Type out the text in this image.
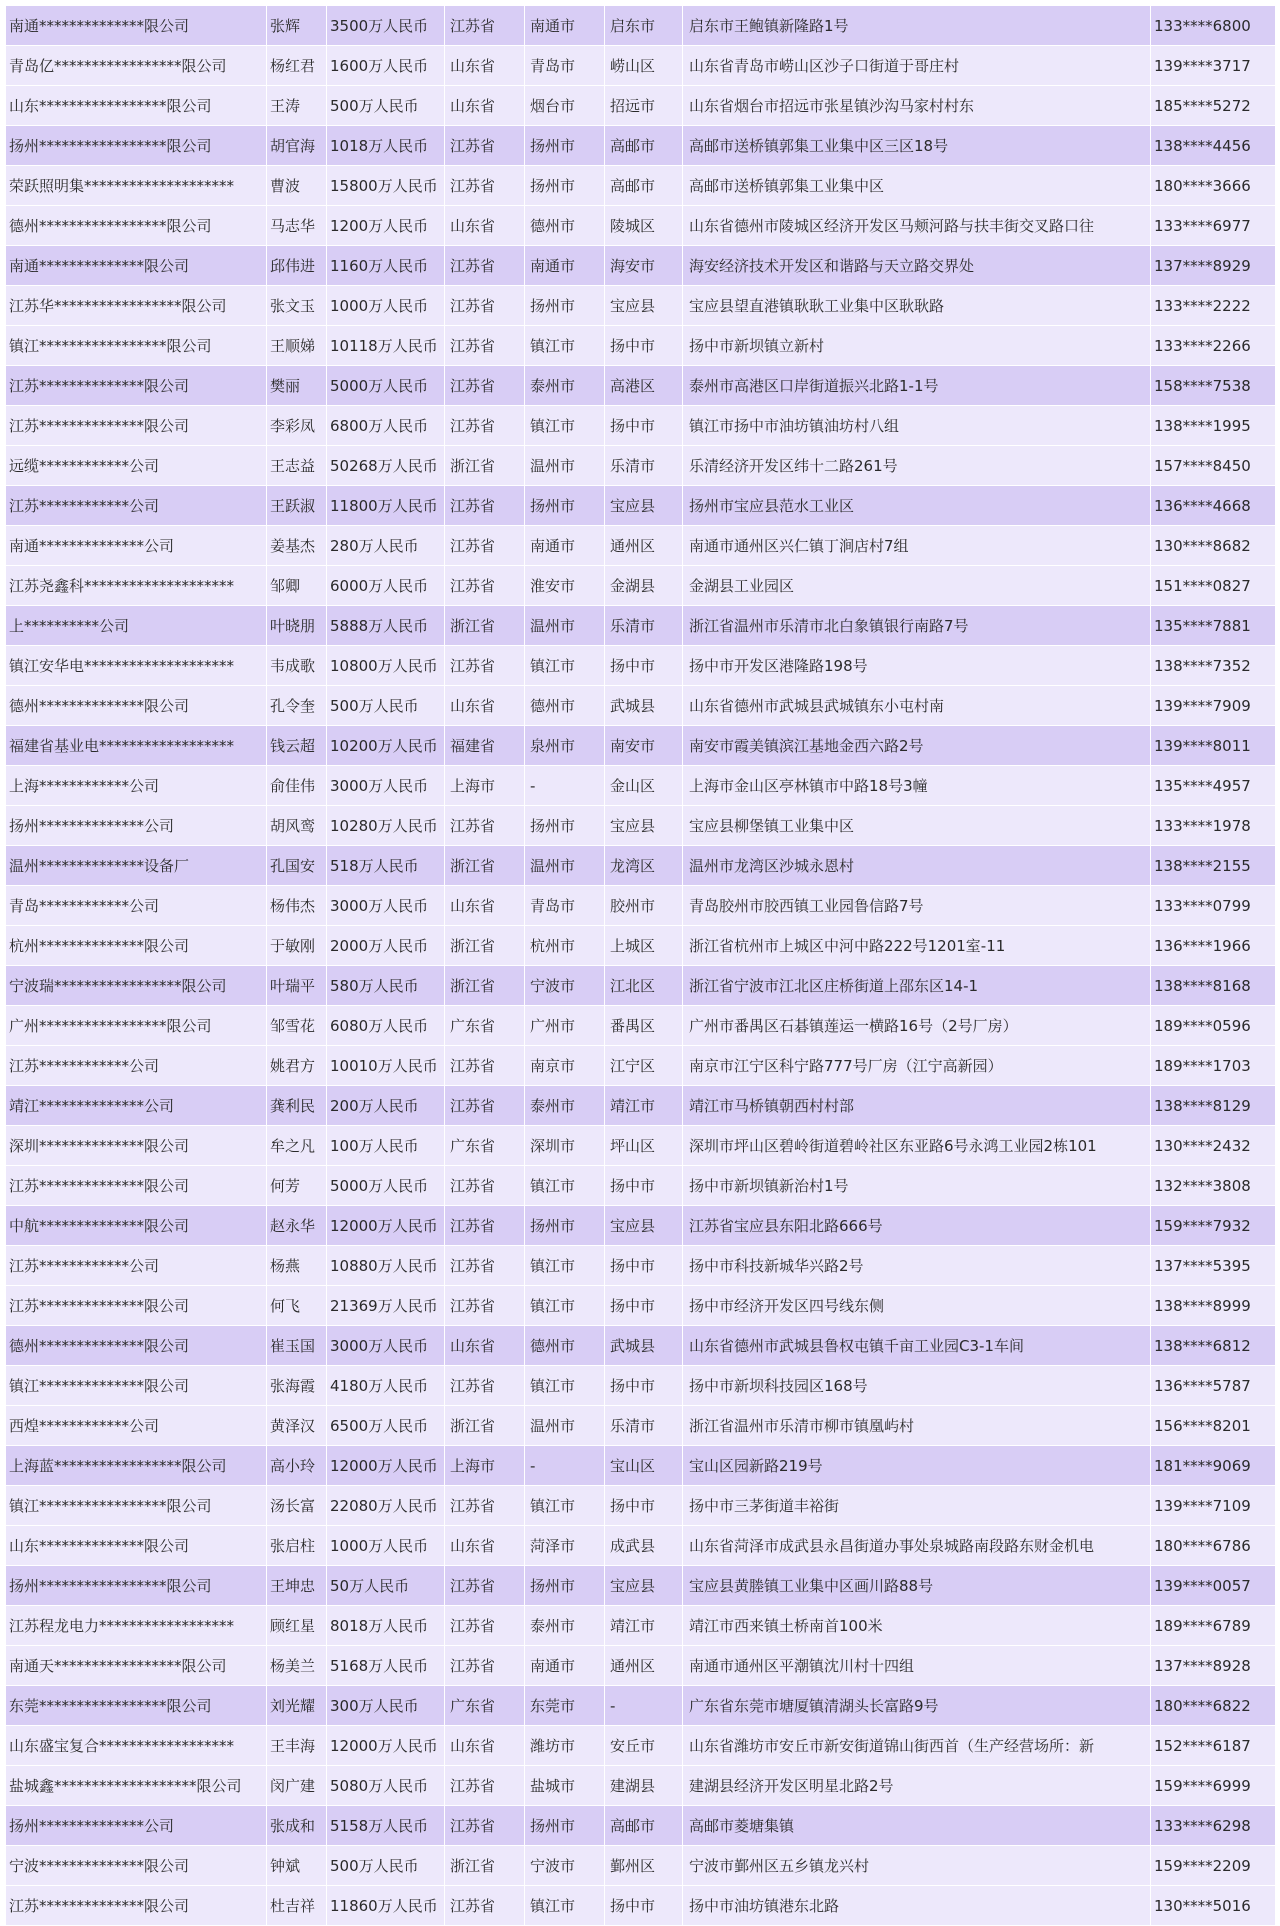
南通**************限公司	张辉	3500万人民币	江苏省	南通市	启东市	启东市王鲍镇新隆路1号	133****6800
青岛亿*****************限公司	杨红君	1600万人民币	山东省	青岛市	崂山区	山东省青岛市崂山区沙子口街道于哥庄村	139****3717
山东*****************限公司	王涛	500万人民币	山东省	烟台市	招远市	山东省烟台市招远市张星镇沙沟马家村村东	185****5272
扬州*****************限公司	胡官海	1018万人民币	江苏省	扬州市	高邮市	高邮市送桥镇郭集工业集中区三区18号	138****4456
荣跃照明集********************	曹波	15800万人民币	江苏省	扬州市	高邮市	高邮市送桥镇郭集工业集中区	180****3666
德州*****************限公司	马志华	1200万人民币	山东省	德州市	陵城区	山东省德州市陵城区经济开发区马颊河路与扶丰街交叉路口往	133****6977
南通**************限公司	邱伟进	1160万人民币	江苏省	南通市	海安市	海安经济技术开发区和谐路与天立路交界处	137****8929
江苏华*****************限公司	张文玉	1000万人民币	江苏省	扬州市	宝应县	宝应县望直港镇耿耿工业集中区耿耿路	133****2222
镇江*****************限公司	王顺娣	10118万人民币	江苏省	镇江市	扬中市	扬中市新坝镇立新村	133****2266
江苏**************限公司	樊丽	5000万人民币	江苏省	泰州市	高港区	泰州市高港区口岸街道振兴北路1-1号	158****7538
江苏**************限公司	李彩凤	6800万人民币	江苏省	镇江市	扬中市	镇江市扬中市油坊镇油坊村八组	138****1995
远缆************公司	王志益	50268万人民币	浙江省	温州市	乐清市	乐清经济开发区纬十二路261号	157****8450
江苏************公司	王跃淑	11800万人民币	江苏省	扬州市	宝应县	扬州市宝应县范水工业区	136****4668
南通**************公司	姜基杰	280万人民币	江苏省	南通市	通州区	南通市通州区兴仁镇丁涧店村7组	130****8682
江苏尧鑫科********************	邹卿	6000万人民币	江苏省	淮安市	金湖县	金湖县工业园区	151****0827
上**********公司	叶晓朋	5888万人民币	浙江省	温州市	乐清市	浙江省温州市乐清市北白象镇银行南路7号	135****7881
镇江安华电********************	韦成歌	10800万人民币	江苏省	镇江市	扬中市	扬中市开发区港隆路198号	138****7352
德州**************限公司	孔令奎	500万人民币	山东省	德州市	武城县	山东省德州市武城县武城镇东小屯村南	139****7909
福建省基业电******************	钱云超	10200万人民币	福建省	泉州市	南安市	南安市霞美镇滨江基地金西六路2号	139****8011
上海************公司	俞佳伟	3000万人民币	上海市	-	金山区	上海市金山区亭林镇市中路18号3幢	135****4957
扬州**************公司	胡风鸾	10280万人民币	江苏省	扬州市	宝应县	宝应县柳堡镇工业集中区	133****1978
温州**************设备厂	孔国安	518万人民币	浙江省	温州市	龙湾区	温州市龙湾区沙城永恩村	138****2155
青岛************公司	杨伟杰	3000万人民币	山东省	青岛市	胶州市	青岛胶州市胶西镇工业园鲁信路7号	133****0799
杭州**************限公司	于敏刚	2000万人民币	浙江省	杭州市	上城区	浙江省杭州市上城区中河中路222号1201室-11	136****1966
宁波瑞*****************限公司	叶瑞平	580万人民币	浙江省	宁波市	江北区	浙江省宁波市江北区庄桥街道上邵东区14-1	138****8168
广州*****************限公司	邹雪花	6080万人民币	广东省	广州市	番禺区	广州市番禺区石碁镇莲运一横路16号（2号厂房）	189****0596
江苏************公司	姚君方	10010万人民币	江苏省	南京市	江宁区	南京市江宁区科宁路777号厂房（江宁高新园）	189****1703
靖江**************公司	龚利民	200万人民币	江苏省	泰州市	靖江市	靖江市马桥镇朝西村村部	138****8129
深圳**************限公司	牟之凡	100万人民币	广东省	深圳市	坪山区	深圳市坪山区碧岭街道碧岭社区东亚路6号永鸿工业园2栋101	130****2432
江苏**************限公司	何芳	5000万人民币	江苏省	镇江市	扬中市	扬中市新坝镇新治村1号	132****3808
中航**************限公司	赵永华	12000万人民币	江苏省	扬州市	宝应县	江苏省宝应县东阳北路666号	159****7932
江苏************公司	杨燕	10880万人民币	江苏省	镇江市	扬中市	扬中市科技新城华兴路2号	137****5395
江苏**************限公司	何飞	21369万人民币	江苏省	镇江市	扬中市	扬中市经济开发区四号线东侧	138****8999
德州**************限公司	崔玉国	3000万人民币	山东省	德州市	武城县	山东省德州市武城县鲁权屯镇千亩工业园C3-1车间	138****6812
镇江**************限公司	张海霞	4180万人民币	江苏省	镇江市	扬中市	扬中市新坝科技园区168号	136****5787
西煌************公司	黄泽汉	6500万人民币	浙江省	温州市	乐清市	浙江省温州市乐清市柳市镇凰屿村	156****8201
上海蓝*****************限公司	高小玲	12000万人民币	上海市	-	宝山区	宝山区园新路219号	181****9069
镇江*****************限公司	汤长富	22080万人民币	江苏省	镇江市	扬中市	扬中市三茅街道丰裕街	139****7109
山东**************限公司	张启柱	1000万人民币	山东省	菏泽市	成武县	山东省菏泽市成武县永昌街道办事处泉城路南段路东财金机电	180****6786
扬州*****************限公司	王坤忠	50万人民币	江苏省	扬州市	宝应县	宝应县黄塍镇工业集中区画川路88号	139****0057
江苏程龙电力******************	顾红星	8018万人民币	江苏省	泰州市	靖江市	靖江市西来镇土桥南首100米	189****6789
南通天*****************限公司	杨美兰	5168万人民币	江苏省	南通市	通州区	南通市通州区平潮镇沈川村十四组	137****8928
东莞*****************限公司	刘光耀	300万人民币	广东省	东莞市	-	广东省东莞市塘厦镇清湖头长富路9号	180****6822
山东盛宝复合******************	王丰海	12000万人民币	山东省	潍坊市	安丘市	山东省潍坊市安丘市新安街道锦山街西首（生产经营场所：新	152****6187
盐城鑫*******************限公司	闵广建	5080万人民币	江苏省	盐城市	建湖县	建湖县经济开发区明星北路2号	159****6999
扬州**************公司	张成和	5158万人民币	江苏省	扬州市	高邮市	高邮市菱塘集镇	133****6298
宁波**************限公司	钟斌	500万人民币	浙江省	宁波市	鄞州区	宁波市鄞州区五乡镇龙兴村	159****2209
江苏**************限公司	杜吉祥	11860万人民币	江苏省	镇江市	扬中市	扬中市油坊镇港东北路	130****5016
